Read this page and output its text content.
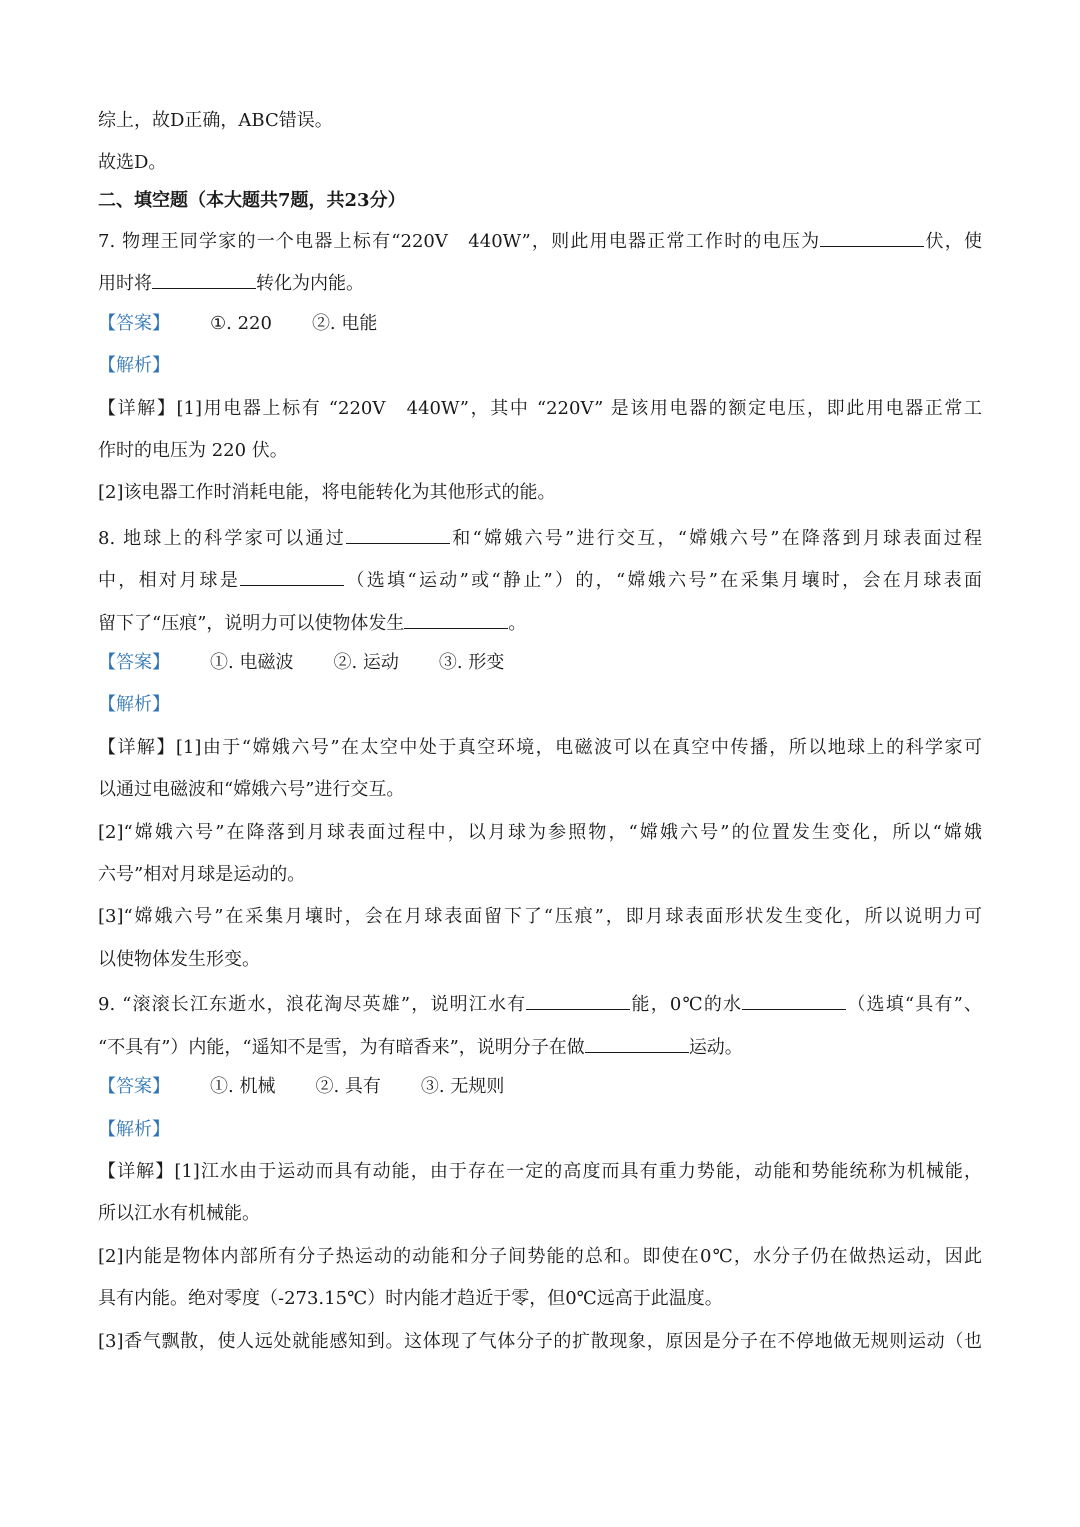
综上，故D正确，ABC错误。
故选D。
二、填空题（本大题共7题，共23分）
7. 物理王同学家的一个电器上标有“220V　440W”，则此用电器正常工作时的电压为	伏，使
用时将	转化为内能。
【答案】 ①. 220 ②. 电能
【解析】
【详解】[1]用电器上标有 “220V　440W”，其中 “220V” 是该用电器的额定电压，即此用电器正常工
作时的电压为 220 伏。
[2]该电器工作时消耗电能，将电能转化为其他形式的能。
8. 地球上的科学家可以通过	和“嫦娥六号”进行交互，“嫦娥六号”在降落到月球表面过程
中，相对月球是	（选填“运动”或“静止”）的，“嫦娥六号”在采集月壤时，会在月球表面
留下了“压痕”，说明力可以使物体发生	。
【答案】 ①. 电磁波 ②. 运动 ③. 形变
【解析】
【详解】[1]由于“嫦娥六号”在太空中处于真空环境，电磁波可以在真空中传播，所以地球上的科学家可
以通过电磁波和“嫦娥六号”进行交互。
[2]“嫦娥六号”在降落到月球表面过程中，以月球为参照物，“嫦娥六号”的位置发生变化，所以“嫦娥
六号”相对月球是运动的。
[3]“嫦娥六号”在采集月壤时，会在月球表面留下了“压痕”，即月球表面形状发生变化，所以说明力可
以使物体发生形变。
9. “滚滚长江东逝水，浪花淘尽英雄”，说明江水有	能，0℃的水	（选填“具有”、
“不具有”）内能，“遥知不是雪，为有暗香来”，说明分子在做	运动。
【答案】 ①. 机械 ②. 具有 ③. 无规则
【解析】
【详解】[1]江水由于运动而具有动能，由于存在一定的高度而具有重力势能，动能和势能统称为机械能，
所以江水有机械能。
[2]内能是物体内部所有分子热运动的动能和分子间势能的总和。即使在0℃，水分子仍在做热运动，因此
具有内能。绝对零度（-273.15℃）时内能才趋近于零，但0℃远高于此温度。
[3]香气飘散，使人远处就能感知到。这体现了气体分子的扩散现象，原因是分子在不停地做无规则运动（也
